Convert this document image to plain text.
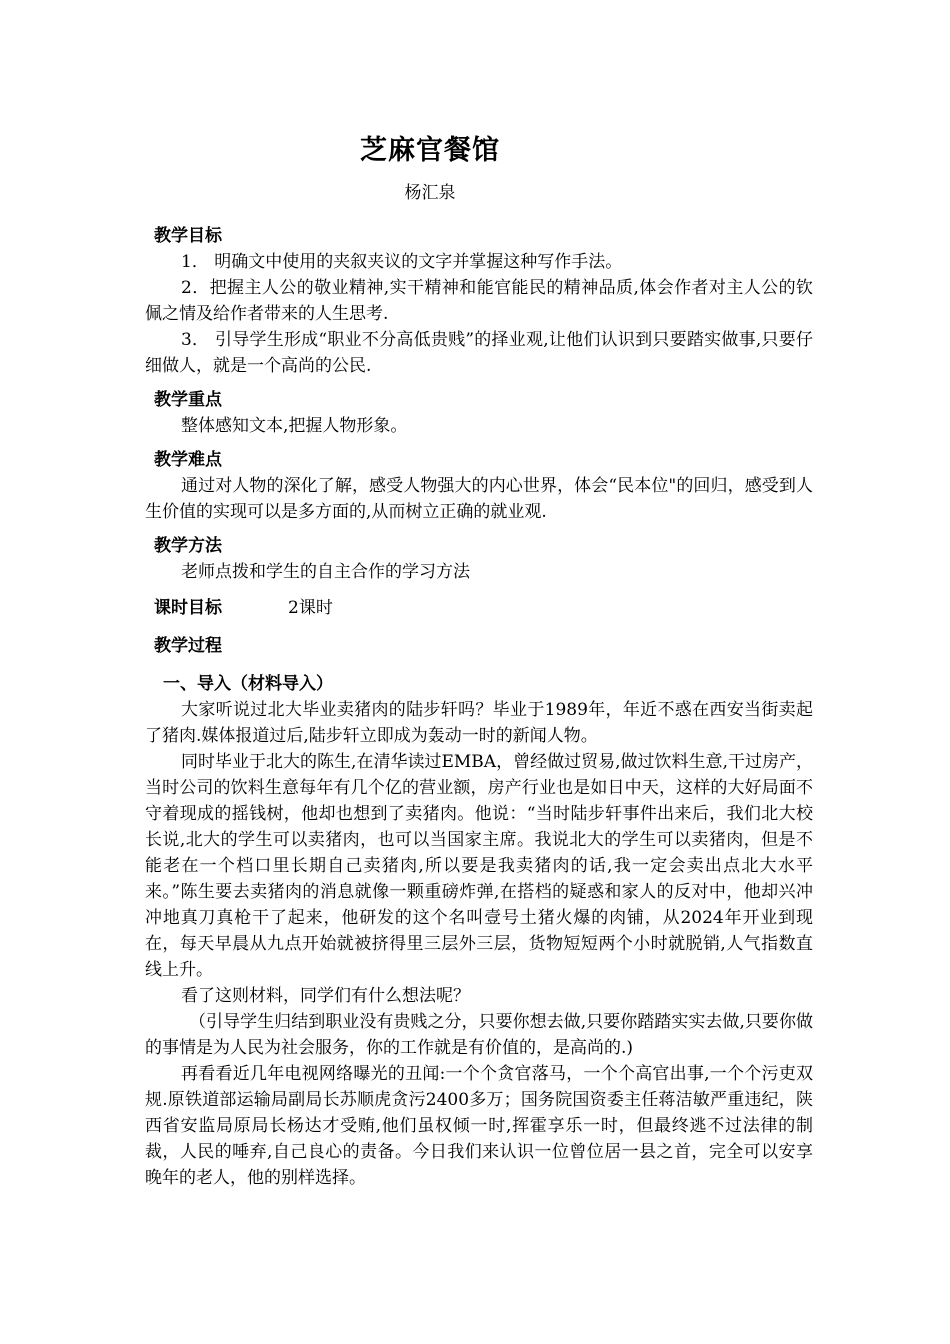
芝麻官餐馆
杨汇泉
教学目标

1． 明确文中使用的夹叙夹议的文字并掌握这种写作手法。

2．把握主人公的敬业精神,实干精神和能官能民的精神品质,体会作者对主人公的钦佩之情及给作者带来的人生思考.

3． 引导学生形成“职业不分高低贵贱”的择业观,让他们认识到只要踏实做事,只要仔细做人，就是一个高尚的公民.

教学重点

整体感知文本,把握人物形象。

教学难点

通过对人物的深化了解，感受人物强大的内心世界，体会“民本位"的回归，感受到人生价值的实现可以是多方面的,从而树立正确的就业观.

教学方法

老师点拨和学生的自主合作的学习方法

课时目标	2课时
教学过程
一、导入（材料导入）

大家听说过北大毕业卖猪肉的陆步轩吗？毕业于1989年，年近不惑在西安当街卖起了猪肉.媒体报道过后,陆步轩立即成为轰动一时的新闻人物。

同时毕业于北大的陈生,在清华读过EMBA，曾经做过贸易,做过饮料生意,干过房产，当时公司的饮料生意每年有几个亿的营业额，房产行业也是如日中天，这样的大好局面不守着现成的摇钱树，他却也想到了卖猪肉。他说：“当时陆步轩事件出来后，我们北大校长说,北大的学生可以卖猪肉，也可以当国家主席。我说北大的学生可以卖猪肉，但是不能老在一个档口里长期自己卖猪肉,所以要是我卖猪肉的话,我一定会卖出点北大水平来。”陈生要去卖猪肉的消息就像一颗重磅炸弹,在搭档的疑惑和家人的反对中，他却兴冲冲地真刀真枪干了起来，他研发的这个名叫壹号土猪火爆的肉铺，从2024年开业到现在，每天早晨从九点开始就被挤得里三层外三层，货物短短两个小时就脱销,人气指数直线上升。

看了这则材料，同学们有什么想法呢？

（引导学生归结到职业没有贵贱之分，只要你想去做,只要你踏踏实实去做,只要你做的事情是为人民为社会服务，你的工作就是有价值的，是高尚的.)

再看看近几年电视网络曝光的丑闻:一个个贪官落马，一个个高官出事,一个个污吏双规.原铁道部运输局副局长苏顺虎贪污2400多万；国务院国资委主任蒋洁敏严重违纪，陕西省安监局原局长杨达才受贿,他们虽权倾一时,挥霍享乐一时，但最终逃不过法律的制裁，人民的唾弃,自己良心的责备。今日我们来认识一位曾位居一县之首，完全可以安享晚年的老人，他的别样选择。
